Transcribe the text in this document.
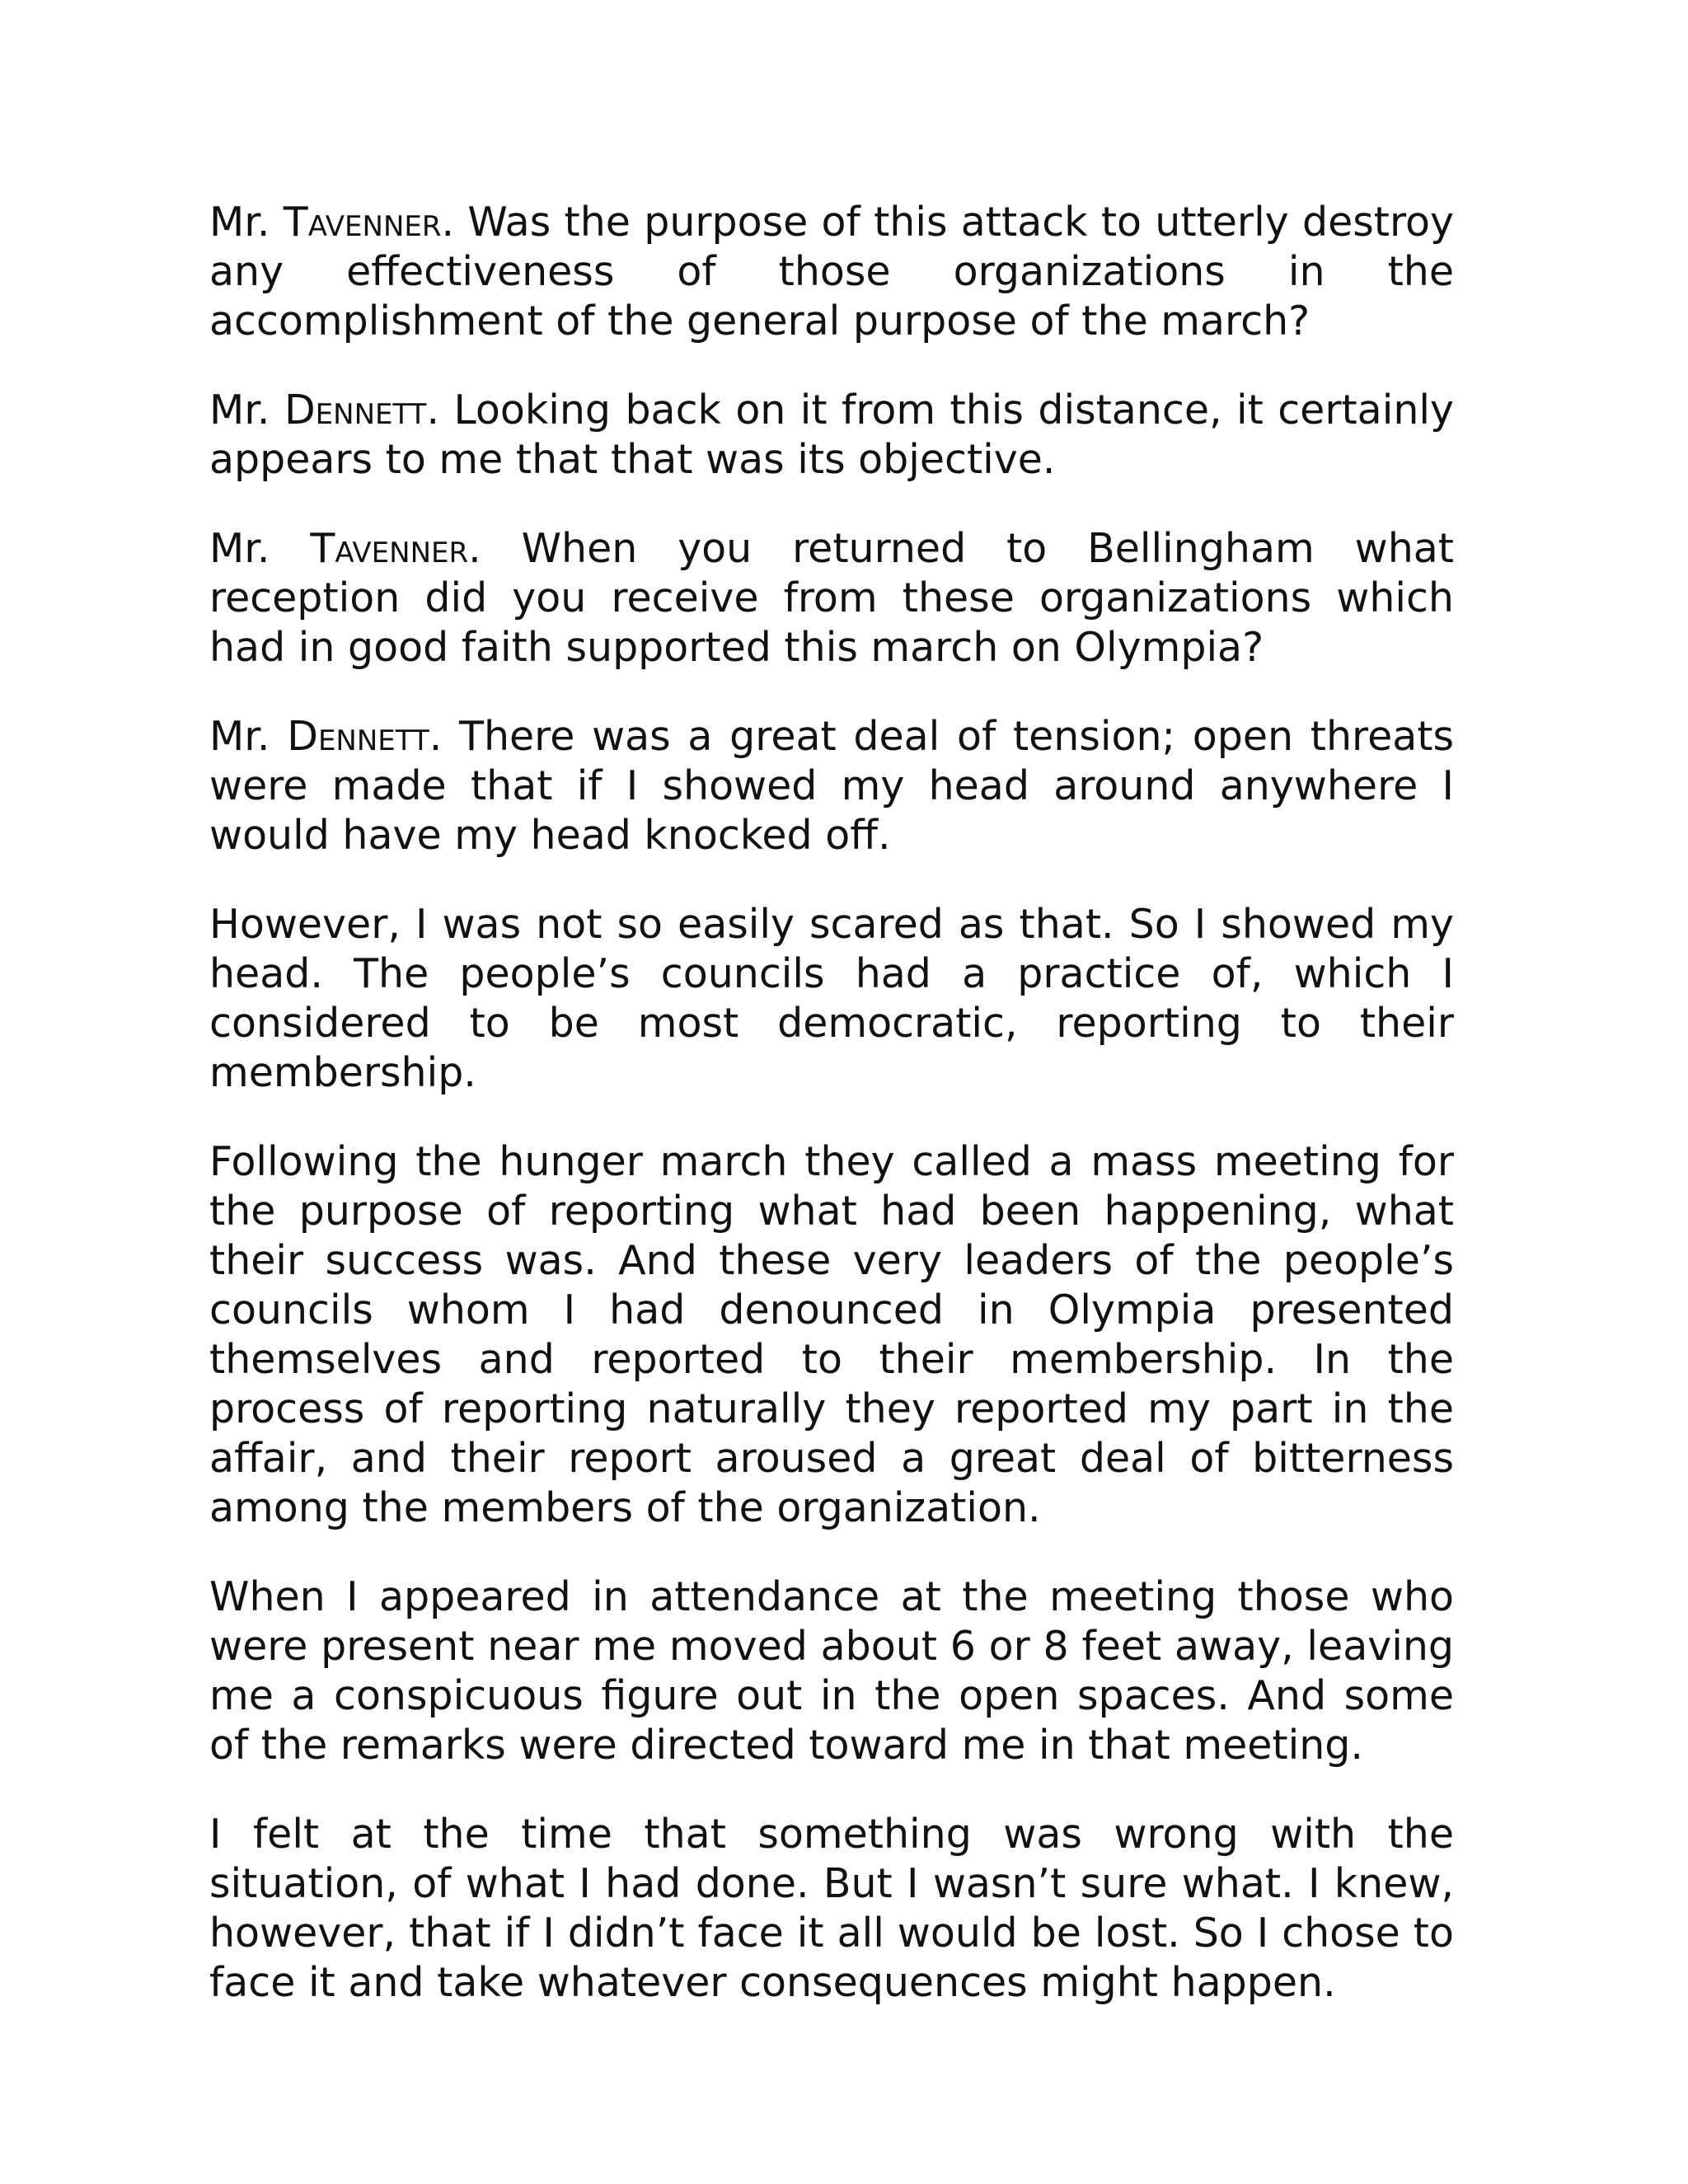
Mr. Tavenner. Was the purpose of this attack to utterly destroy any effectiveness of those organizations in the accomplishment of the general purpose of the march?

Mr. Dennett. Looking back on it from this distance, it certainly appears to me that that was its objective.

Mr. Tavenner. When you returned to Bellingham what reception did you receive from these organizations which had in good faith supported this march on Olympia?

Mr. Dennett. There was a great deal of tension; open threats were made that if I showed my head around anywhere I would have my head knocked off.

However, I was not so easily scared as that. So I showed my head. The people’s councils had a practice of, which I considered to be most democratic, reporting to their membership.

Following the hunger march they called a mass meeting for the purpose of reporting what had been happening, what their success was. And these very leaders of the people’s councils whom I had denounced in Olympia presented themselves and reported to their membership. In the process of reporting naturally they reported my part in the affair, and their report aroused a great deal of bitterness among the members of the organization.

When I appeared in attendance at the meeting those who were present near me moved about 6 or 8 feet away, leaving me a conspicuous figure out in the open spaces. And some of the remarks were directed toward me in that meeting.

I felt at the time that something was wrong with the situation, of what I had done. But I wasn’t sure what. I knew, however, that if I didn’t face it all would be lost. So I chose to face it and take whatever consequences might happen.
